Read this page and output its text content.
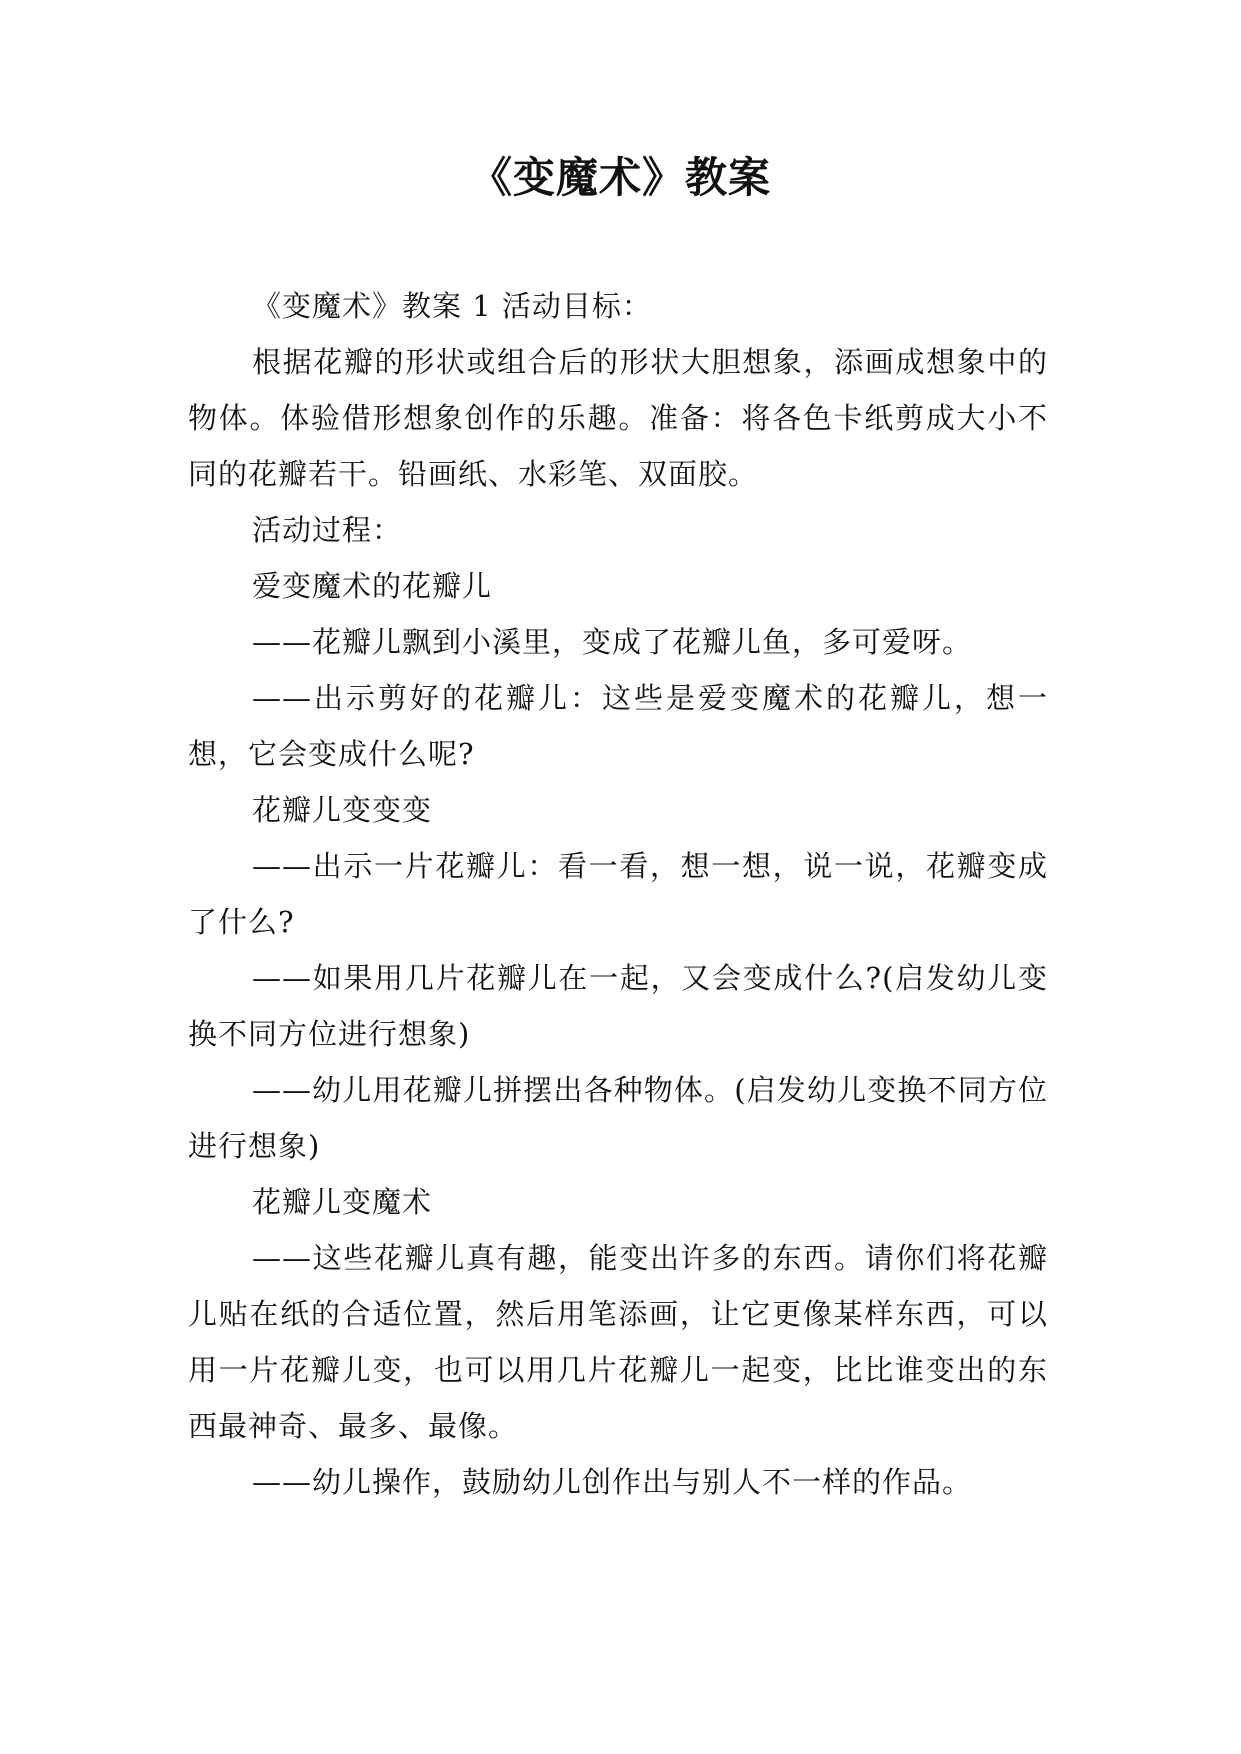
《变魔术》教案

《变魔术》教案 1 活动目标：

根据花瓣的形状或组合后的形状大胆想象，添画成想象中的物体。体验借形想象创作的乐趣。准备：将各色卡纸剪成大小不同的花瓣若干。铅画纸、水彩笔、双面胶。

活动过程：

爱变魔术的花瓣儿

——花瓣儿飘到小溪里，变成了花瓣儿鱼，多可爱呀。

——出示剪好的花瓣儿：这些是爱变魔术的花瓣儿，想一想，它会变成什么呢?

花瓣儿变变变

——出示一片花瓣儿：看一看，想一想，说一说，花瓣变成了什么?

——如果用几片花瓣儿在一起，又会变成什么?(启发幼儿变换不同方位进行想象)

——幼儿用花瓣儿拼摆出各种物体。(启发幼儿变换不同方位进行想象)

花瓣儿变魔术

——这些花瓣儿真有趣，能变出许多的东西。请你们将花瓣儿贴在纸的合适位置，然后用笔添画，让它更像某样东西，可以用一片花瓣儿变，也可以用几片花瓣儿一起变，比比谁变出的东西最神奇、最多、最像。

——幼儿操作，鼓励幼儿创作出与别人不一样的作品。
